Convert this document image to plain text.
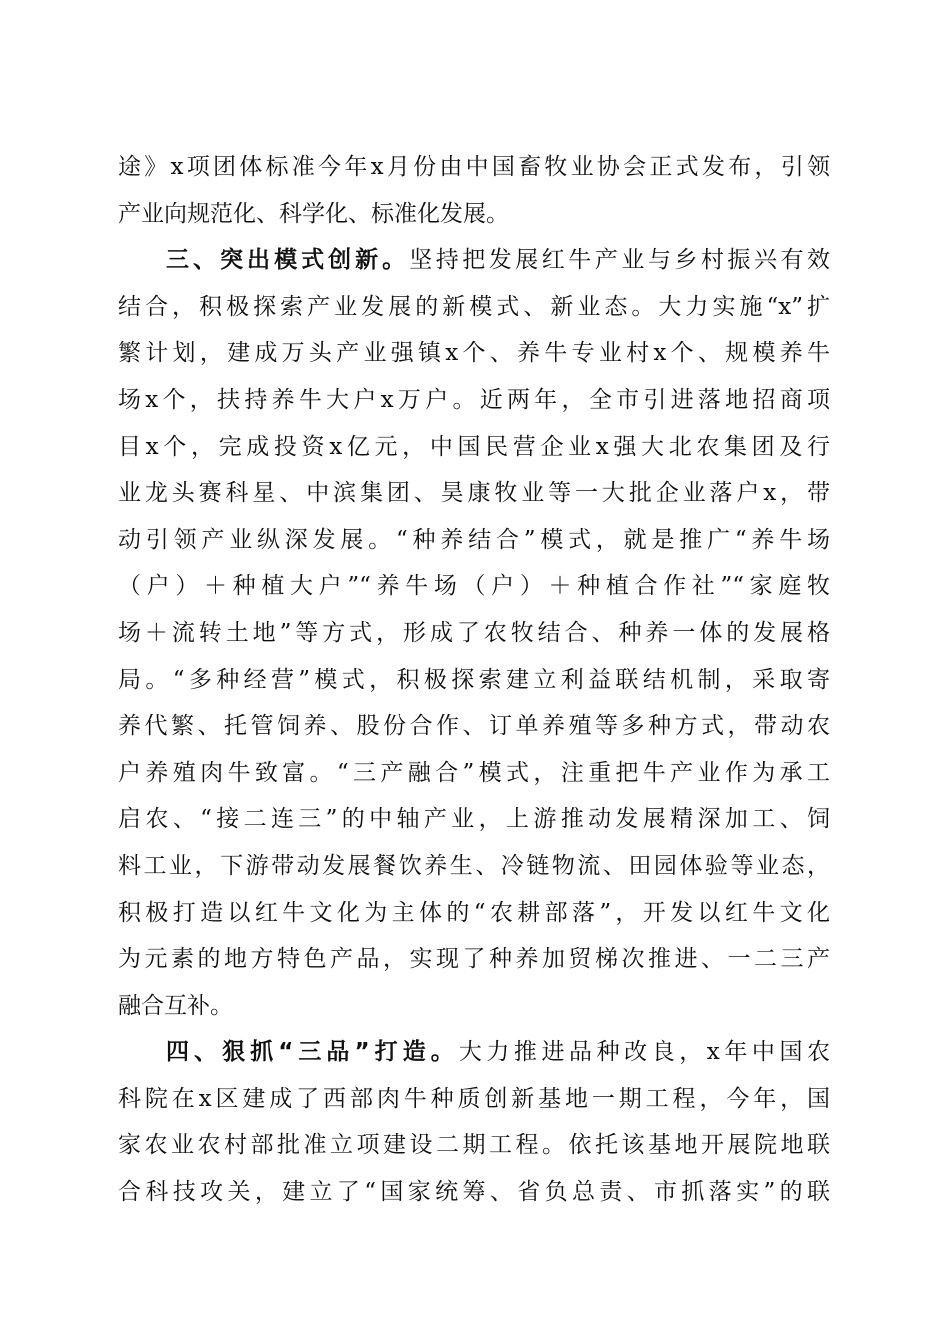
途》x项团体标准今年x月份由中国畜牧业协会正式发布，引领
产业向规范化、科学化、标准化发展。
三、突出模式创新。坚持把发展红牛产业与乡村振兴有效
结合，积极探索产业发展的新模式、新业态。大力实施“x”扩
繁计划，建成万头产业强镇x个、养牛专业村x个、规模养牛
场x个，扶持养牛大户x万户。近两年，全市引进落地招商项
目x个，完成投资x亿元，中国民营企业x强大北农集团及行
业龙头赛科星、中滨集团、昊康牧业等一大批企业落户x，带
动引领产业纵深发展。“种养结合”模式，就是推广“养牛场
（户）＋种植大户”“养牛场（户）＋种植合作社”“家庭牧
场＋流转土地”等方式，形成了农牧结合、种养一体的发展格
局。“多种经营”模式，积极探索建立利益联结机制，采取寄
养代繁、托管饲养、股份合作、订单养殖等多种方式，带动农
户养殖肉牛致富。“三产融合”模式，注重把牛产业作为承工
启农、“接二连三”的中轴产业，上游推动发展精深加工、饲
料工业，下游带动发展餐饮养生、冷链物流、田园体验等业态，
积极打造以红牛文化为主体的“农耕部落”，开发以红牛文化
为元素的地方特色产品，实现了种养加贸梯次推进、一二三产
融合互补。
四、狠抓“三品”打造。大力推进品种改良，x年中国农
科院在x区建成了西部肉牛种质创新基地一期工程，今年，国
家农业农村部批准立项建设二期工程。依托该基地开展院地联
合科技攻关，建立了“国家统筹、省负总责、市抓落实”的联
